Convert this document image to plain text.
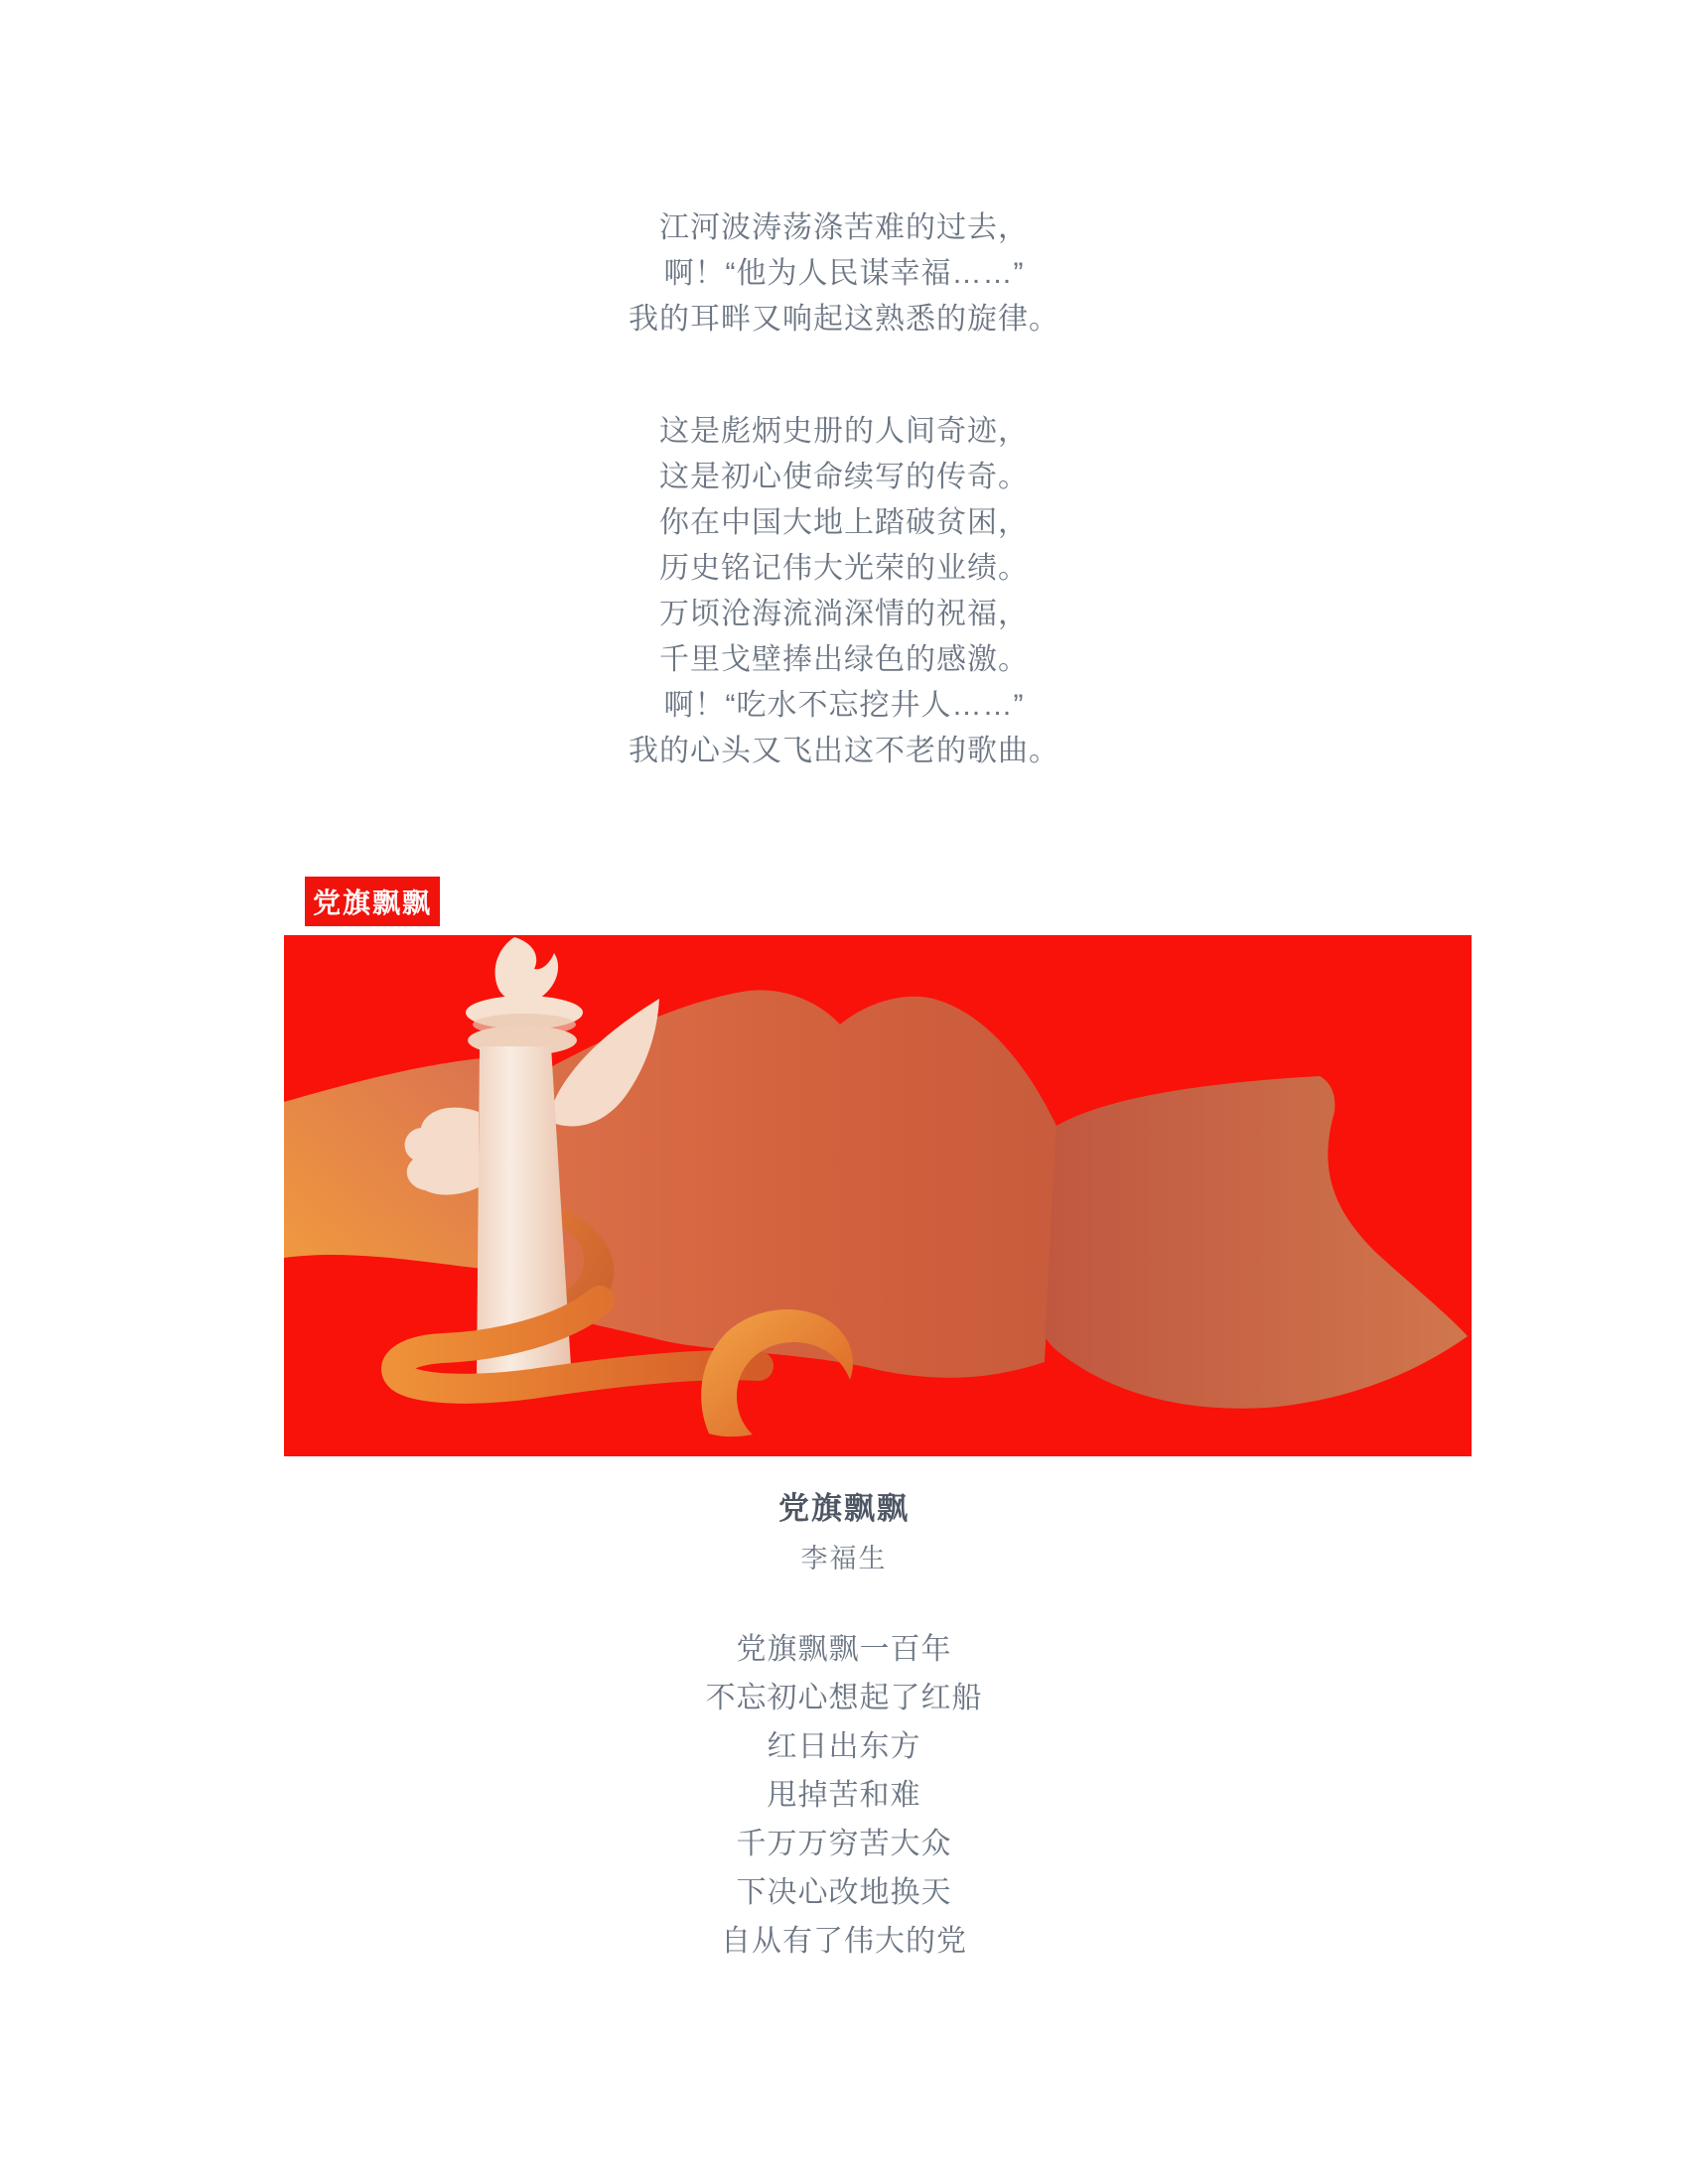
江河波涛荡涤苦难的过去，

啊！“他为人民谋幸福……”

我的耳畔又响起这熟悉的旋律。

这是彪炳史册的人间奇迹，

这是初心使命续写的传奇。

你在中国大地上踏破贫困，

历史铭记伟大光荣的业绩。

万顷沧海流淌深情的祝福，

千里戈壁捧出绿色的感激。

啊！“吃水不忘挖井人……”

我的心头又飞出这不老的歌曲。

党旗飘飘
党旗飘飘
李福生

党旗飘飘一百年

不忘初心想起了红船

红日出东方

甩掉苦和难

千万万穷苦大众

下决心改地换天

自从有了伟大的党
